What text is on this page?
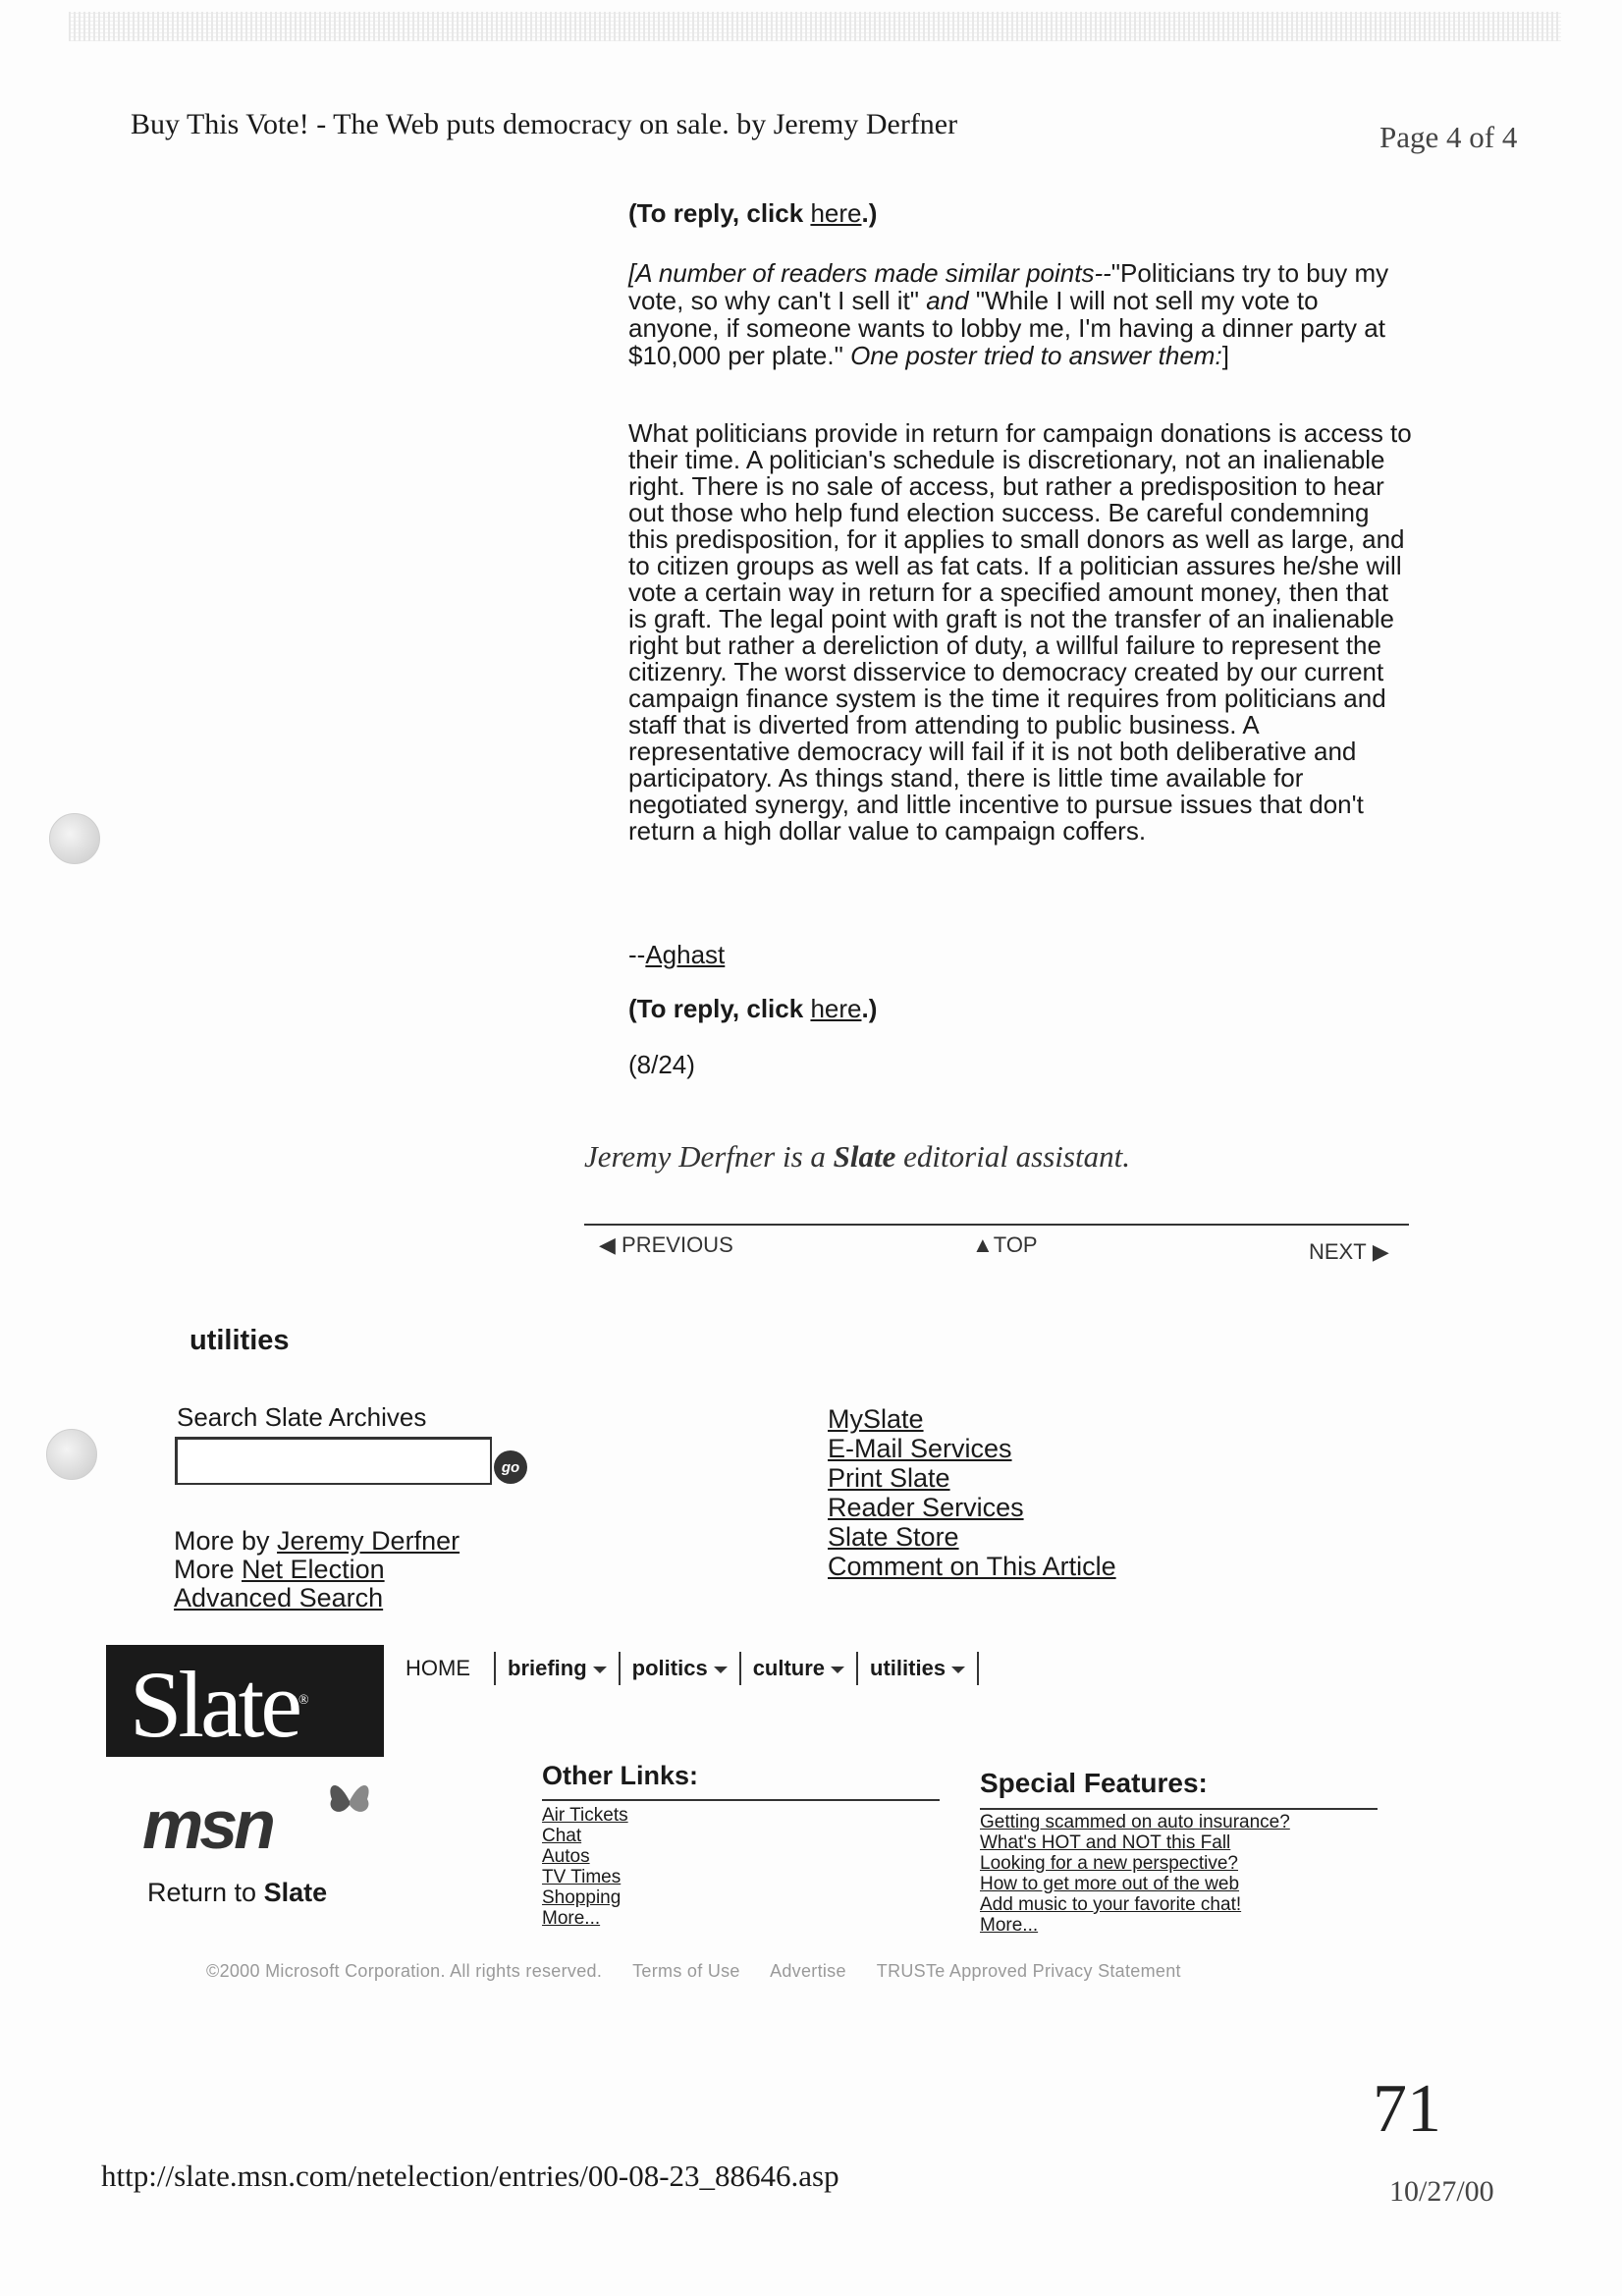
Buy This Vote! - The Web puts democracy on sale. by Jeremy Derfner	Page 4 of 4
(To reply, click here.)
[A number of readers made similar points--"Politicians try to buy my vote, so why can't I sell it" and "While I will not sell my vote to anyone, if someone wants to lobby me, I'm having a dinner party at $10,000 per plate." One poster tried to answer them:]
What politicians provide in return for campaign donations is access to their time. A politician's schedule is discretionary, not an inalienable right. There is no sale of access, but rather a predisposition to hear out those who help fund election success. Be careful condemning this predisposition, for it applies to small donors as well as large, and to citizen groups as well as fat cats. If a politician assures he/she will vote a certain way in return for a specified amount money, then that is graft. The legal point with graft is not the transfer of an inalienable right but rather a dereliction of duty, a willful failure to represent the citizenry. The worst disservice to democracy created by our current campaign finance system is the time it requires from politicians and staff that is diverted from attending to public business. A representative democracy will fail if it is not both deliberative and participatory. As things stand, there is little time available for negotiated synergy, and little incentive to pursue issues that don't return a high dollar value to campaign coffers.
--Aghast
(To reply, click here.)
(8/24)
Jeremy Derfner is a Slate editorial assistant.
◀ PREVIOUS	▲TOP	NEXT ▶
utilities
Search Slate Archives
go
More by Jeremy Derfner
More Net Election
Advanced Search
MySlate
E-Mail Services
Print Slate
Reader Services
Slate Store
Comment on This Article
Slate®
HOME	briefing	politics	culture	utilities
msn
Return to Slate
Other Links:
Air Tickets
Chat
Autos
TV Times
Shopping
More...
Special Features:
Getting scammed on auto insurance?
What's HOT and NOT this Fall
Looking for a new perspective?
How to get more out of the web
Add music to your favorite chat!
More...
©2000 Microsoft Corporation. All rights reserved. Terms of Use Advertise TRUSTe Approved Privacy Statement
71
http://slate.msn.com/netelection/entries/00-08-23_88646.asp	10/27/00
